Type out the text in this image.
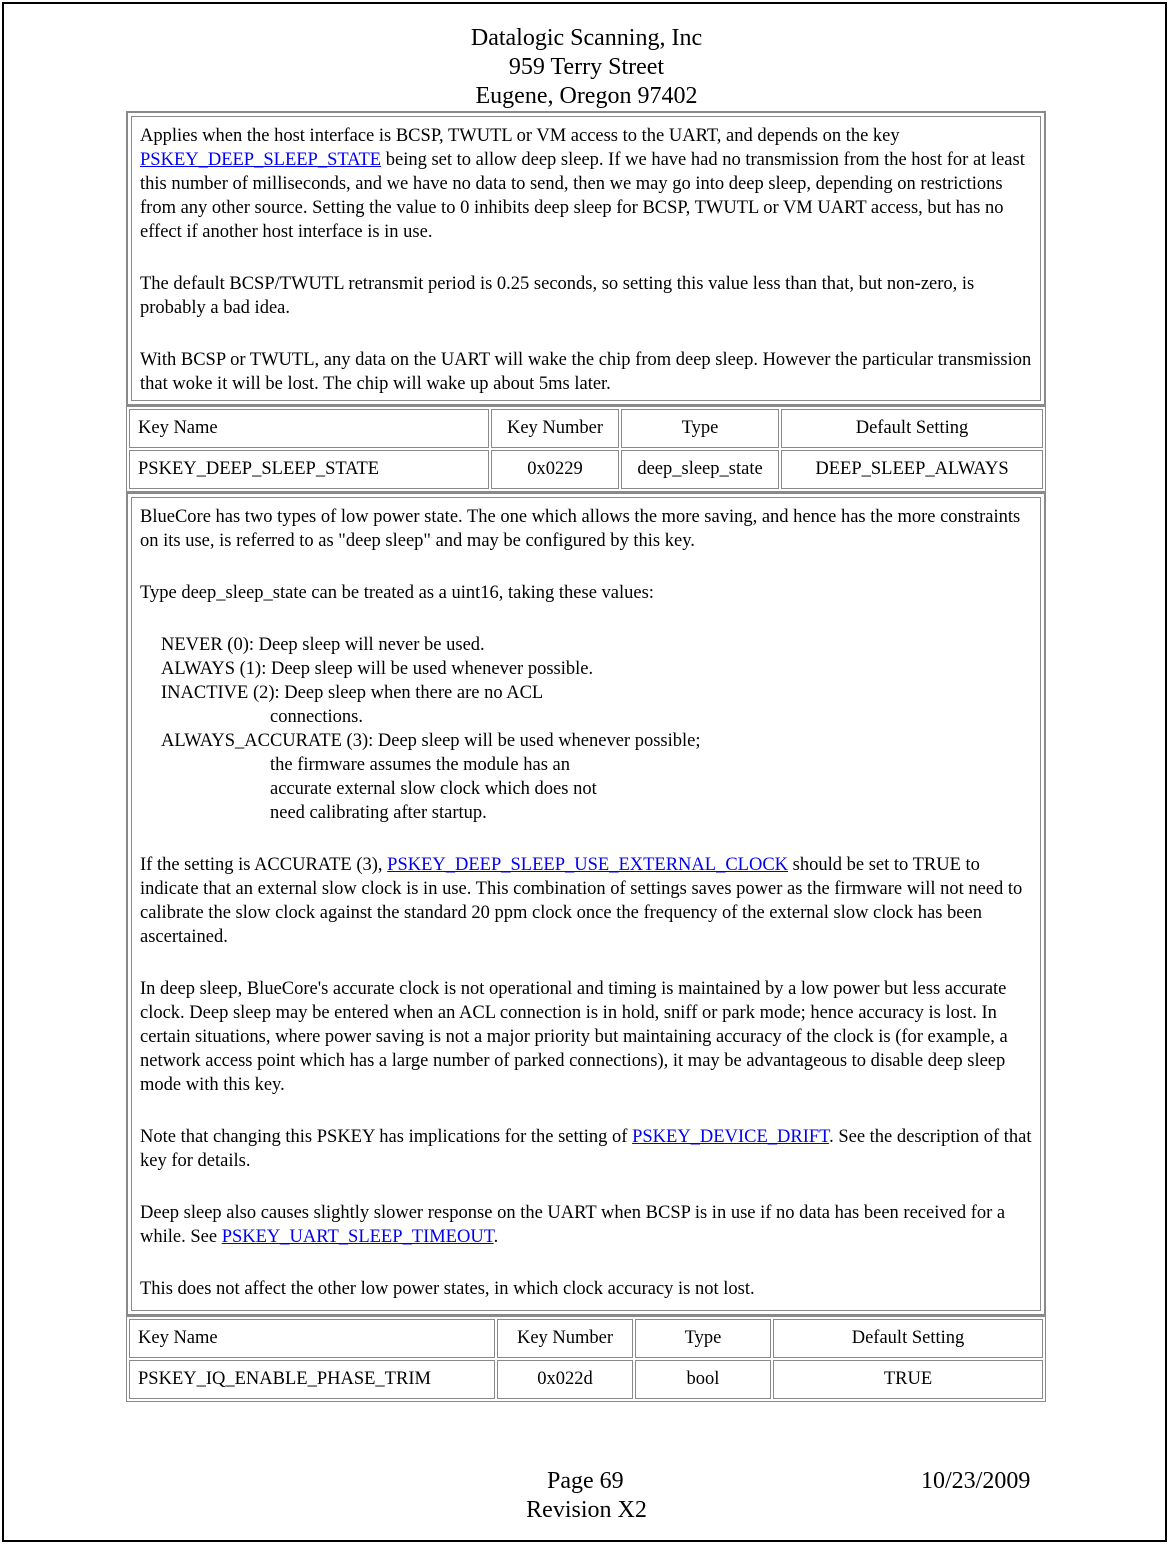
Datalogic Scanning, Inc
959 Terry Street
Eugene, Oregon 97402

Applies when the host interface is BCSP, TWUTL or VM access to the UART, and depends on the key PSKEY_DEEP_SLEEP_STATE being set to allow deep sleep. If we have had no transmission from the host for at least this number of milliseconds, and we have no data to send, then we may go into deep sleep, depending on restrictions from any other source. Setting the value to 0 inhibits deep sleep for BCSP, TWUTL or VM UART access, but has no effect if another host interface is in use.

The default BCSP/TWUTL retransmit period is 0.25 seconds, so setting this value less than that, but non-zero, is probably a bad idea.

With BCSP or TWUTL, any data on the UART will wake the chip from deep sleep. However the particular transmission that woke it will be lost. The chip will wake up about 5ms later.

Key Name	Key Number	Type	Default Setting
PSKEY_DEEP_SLEEP_STATE	0x0229	deep_sleep_state	DEEP_SLEEP_ALWAYS

BlueCore has two types of low power state. The one which allows the more saving, and hence has the more constraints on its use, is referred to as "deep sleep" and may be configured by this key.

Type deep_sleep_state can be treated as a uint16, taking these values:

NEVER (0): Deep sleep will never be used.
ALWAYS (1): Deep sleep will be used whenever possible.
INACTIVE (2): Deep sleep when there are no ACL
connections.
ALWAYS_ACCURATE (3): Deep sleep will be used whenever possible;
the firmware assumes the module has an
accurate external slow clock which does not
need calibrating after startup.

If the setting is ACCURATE (3), PSKEY_DEEP_SLEEP_USE_EXTERNAL_CLOCK should be set to TRUE to indicate that an external slow clock is in use. This combination of settings saves power as the firmware will not need to calibrate the slow clock against the standard 20 ppm clock once the frequency of the external slow clock has been ascertained.

In deep sleep, BlueCore's accurate clock is not operational and timing is maintained by a low power but less accurate clock. Deep sleep may be entered when an ACL connection is in hold, sniff or park mode; hence accuracy is lost. In certain situations, where power saving is not a major priority but maintaining accuracy of the clock is (for example, a network access point which has a large number of parked connections), it may be advantageous to disable deep sleep mode with this key.

Note that changing this PSKEY has implications for the setting of PSKEY_DEVICE_DRIFT. See the description of that key for details.

Deep sleep also causes slightly slower response on the UART when BCSP is in use if no data has been received for a while. See PSKEY_UART_SLEEP_TIMEOUT.

This does not affect the other low power states, in which clock accuracy is not lost.

Key Name	Key Number	Type	Default Setting
PSKEY_IQ_ENABLE_PHASE_TRIM	0x022d	bool	TRUE
Page 69	10/23/2009
Revision X2
